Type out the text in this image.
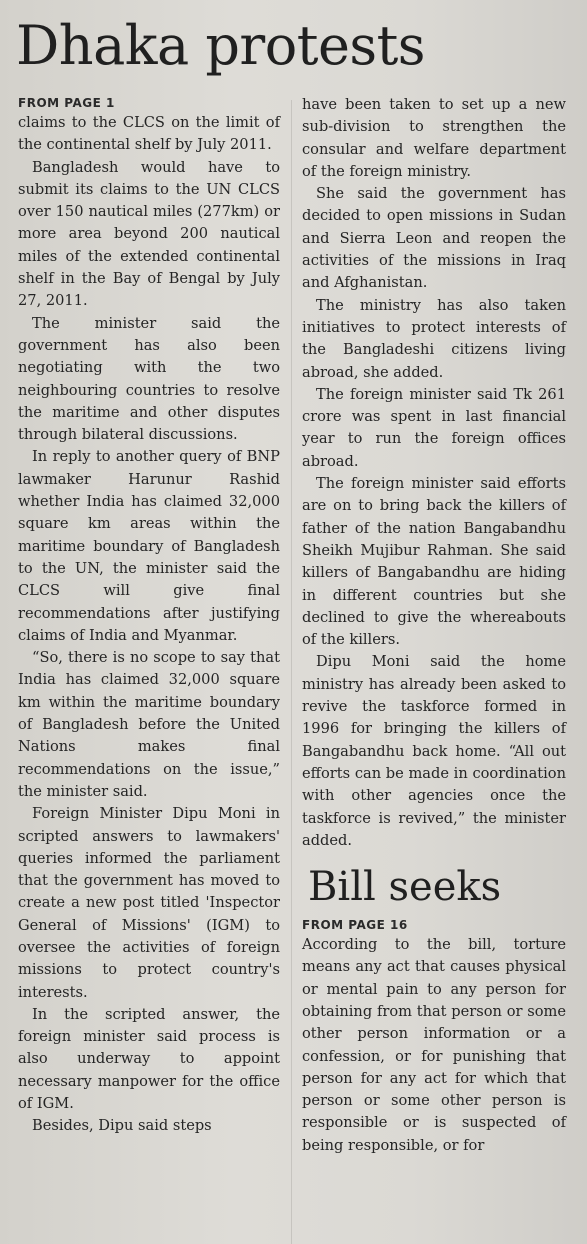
Dhaka protests

FROM PAGE 1

claims to the CLCS on the limit of the continental shelf by July 2011.

Bangladesh would have to submit its claims to the UN CLCS over 150 nautical miles (277km) or more area beyond 200 nautical miles of the extended continental shelf in the Bay of Bengal by July 27, 2011.

The minister said the government has also been negotiating with the two neighbouring countries to resolve the maritime and other disputes through bilateral discussions.

In reply to another query of BNP lawmaker Harunur Rashid whether India has claimed 32,000 square km areas within the maritime boundary of Bangladesh to the UN, the minister said the CLCS will give final recommendations after justifying claims of India and Myanmar.

“So, there is no scope to say that India has claimed 32,000 square km within the maritime boundary of Bangladesh before the United Nations makes final recommendations on the issue,” the minister said.

Foreign Minister Dipu Moni in scripted answers to lawmakers' queries informed the parliament that the government has moved to create a new post titled 'Inspector General of Missions' (IGM) to oversee the activities of foreign missions to protect country's interests.

In the scripted answer, the foreign minister said process is also underway to appoint necessary manpower for the office of IGM.

Besides, Dipu said steps

have been taken to set up a new sub-division to strengthen the consular and welfare department of the foreign ministry.

She said the government has decided to open missions in Sudan and Sierra Leon and reopen the activities of the missions in Iraq and Afghanistan.

The ministry has also taken initiatives to protect interests of the Bangladeshi citizens living abroad, she added.

The foreign minister said Tk 261 crore was spent in last financial year to run the foreign offices abroad.

The foreign minister said efforts are on to bring back the killers of father of the nation Bangabandhu Sheikh Mujibur Rahman. She said killers of Bangabandhu are hiding in different countries but she declined to give the whereabouts of the killers.

Dipu Moni said the home ministry has already been asked to revive the taskforce formed in 1996 for bringing the killers of Bangabandhu back home. “All out efforts can be made in coordination with other agencies once the taskforce is revived,” the minister added.

Bill seeks

FROM PAGE 16

According to the bill, torture means any act that causes physical or mental pain to any person for obtaining from that person or some other person information or a confession, or for punishing that person for any act for which that person or some other person is responsible or is suspected of being responsible, or for
